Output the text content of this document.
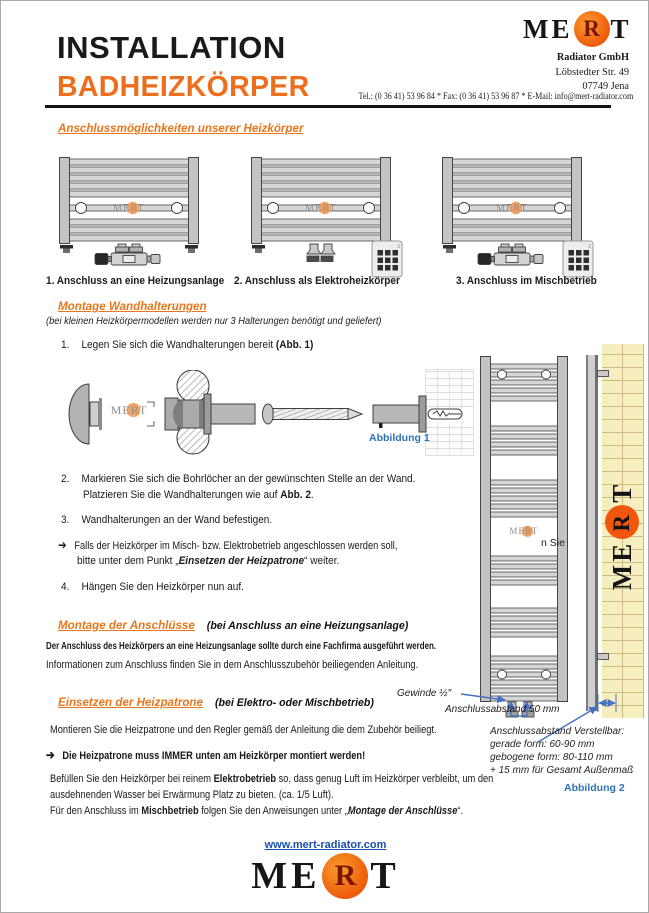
INSTALLATION
BADHEIZKÖRPER
ME R T
Radiator GmbH
Löbstedter Str. 49
07749 Jena
Tel.: (0 36 41) 53 96 84 * Fax: (0 36 41) 53 96 87 * E-Mail: info@mert-radiator.com
Anschlussmöglichkeiten unserer Heizkörper
MERT	MERT
3
MERT
3
1. Anschluss an eine Heizungsanlage 2. Anschluss als Elektroheizkörper	3. Anschluss im Mischbetrieb
Montage Wandhalterungen
(bei kleinen Heizkörpermodellen werden nur 3 Halterungen benötigt und geliefert)
1. Legen Sie sich die Wandhalterungen bereit (Abb. 1)
MERT
Abbildung 1
MERT
ME
R
T
n Sie
2. Markieren Sie sich die Bohrlöcher an der gewünschten Stelle an der Wand.
Platzieren Sie die Wandhalterungen wie auf Abb. 2.
3. Wandhalterungen an der Wand befestigen.
➔ Falls der Heizkörper im Misch- bzw. Elektrobetrieb angeschlossen werden soll,
bitte unter dem Punkt „Einsetzen der Heizpatrone“ weiter.
4. Hängen Sie den Heizkörper nun auf.
Montage der Anschlüsse (bei Anschluss an eine Heizungsanlage)
Der Anschluss des Heizkörpers an eine Heizungsanlage sollte durch eine Fachfirma ausgeführt werden.
Informationen zum Anschluss finden Sie in dem Anschlusszubehör beiliegenden Anleitung.
Einsetzen der Heizpatrone (bei Elektro- oder Mischbetrieb)
Montieren Sie die Heizpatrone und den Regler gemäß der Anleitung die dem Zubehör beiliegt.
➔ Die Heizpatrone muss IMMER unten am Heizkörper montiert werden!
Befüllen Sie den Heizkörper bei reinem Elektrobetrieb so, dass genug Luft im Heizkörper verbleibt, um den
ausdehnenden Wasser bei Erwärmung Platz zu bieten. (ca. 1/5 Luft).
Für den Anschluss im Mischbetrieb folgen Sie den Anweisungen unter „Montage der Anschlüsse“.
Gewinde ½″
Anschlussabstand 50 mm
Anschlussabstand Verstellbar:
gerade form: 60-90 mm
gebogene form: 80-110 mm
+ 15 mm für Gesamt Außenmaß
Abbildung 2
www.mert-radiator.com
ME R T
